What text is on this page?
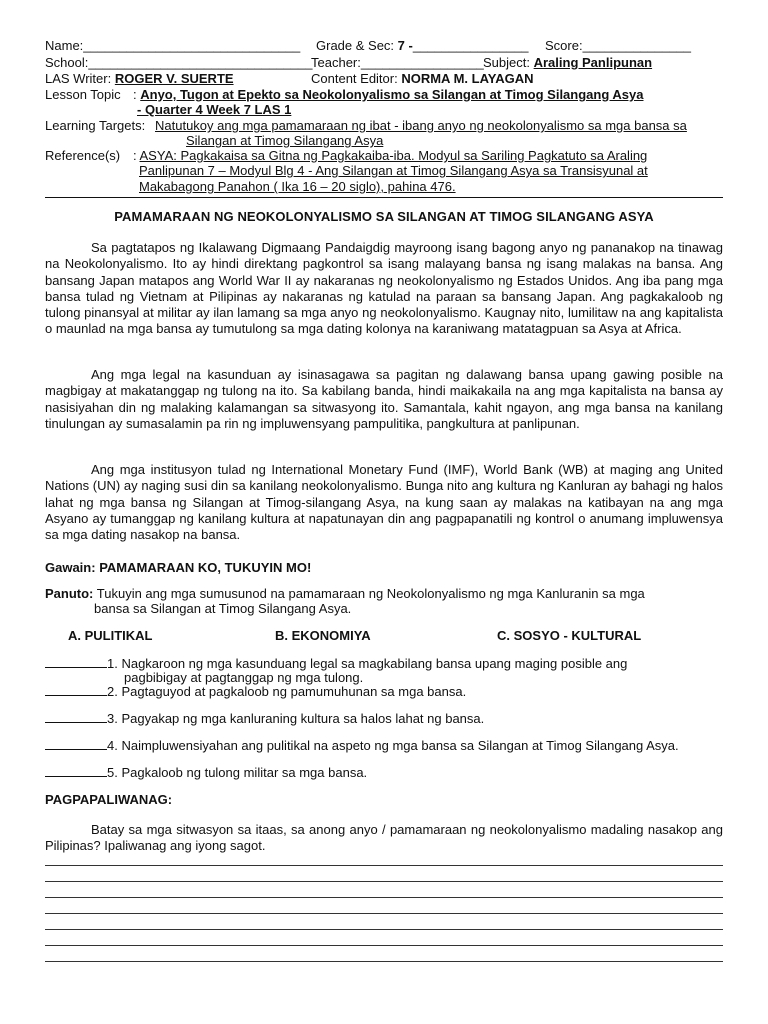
Name:______________________________ Grade & Sec: 7 -________________ Score:_______________
School:_______________________________
Teacher:_________________ Subject: Araling Panlipunan
LAS Writer: ROGER V. SUERTE	Content Editor: NORMA M. LAYAGAN
Lesson Topic : Anyo, Tugon at Epekto sa Neokolonyalismo sa Silangan at Timog Silangang Asya
- Quarter 4 Week 7 LAS 1
Learning Targets: Natutukoy ang mga pamamaraan ng ibat - ibang anyo ng neokolonyalismo sa mga bansa sa
Silangan at Timog Silangang Asya
Reference(s) : ASYA: Pagkakaisa sa Gitna ng Pagkakaiba-iba. Modyul sa Sariling Pagkatuto sa Araling
Panlipunan 7 – Modyul Blg 4 - Ang Silangan at Timog Silangang Asya sa Transisyunal at
Makabagong Panahon ( Ika 16 – 20 siglo), pahina 476.
PAMAMARAAN NG NEOKOLONYALISMO SA SILANGAN AT TIMOG SILANGANG ASYA

Sa pagtatapos ng Ikalawang Digmaang Pandaigdig mayroong isang bagong anyo ng pananakop na tinawag na Neokolonyalismo. Ito ay hindi direktang pagkontrol sa isang malayang bansa ng isang malakas na bansa. Ang bansang Japan matapos ang World War II ay nakaranas ng neokolonyalismo ng Estados Unidos. Ang iba pang mga bansa tulad ng Vietnam at Pilipinas ay nakaranas ng katulad na paraan sa bansang Japan. Ang pagkakaloob ng tulong pinansyal at militar ay ilan lamang sa mga anyo ng neokolonyalismo. Kaugnay nito, lumilitaw na ang kapitalista o maunlad na mga bansa ay tumutulong sa mga dating kolonya na karaniwang matatagpuan sa Asya at Africa.

Ang mga legal na kasunduan ay isinasagawa sa pagitan ng dalawang bansa upang gawing posible na magbigay at makatanggap ng tulong na ito. Sa kabilang banda, hindi maikakaila na ang mga kapitalista na bansa ay nasisiyahan din ng malaking kalamangan sa sitwasyong ito. Samantala, kahit ngayon, ang mga bansa na kanilang tinulungan ay sumasalamin pa rin ng impluwensyang pampulitika, pangkultura at panlipunan.

Ang mga institusyon tulad ng International Monetary Fund (IMF), World Bank (WB) at maging ang United Nations (UN) ay naging susi din sa kanilang neokolonyalismo. Bunga nito ang kultura ng Kanluran ay bahagi ng halos lahat ng mga bansa ng Silangan at Timog-silangang Asya, na kung saan ay malakas na katibayan na ang mga Asyano ay tumanggap ng kanilang kultura at napatunayan din ang pagpapanatili ng kontrol o anumang impluwensya sa mga dating nasakop na bansa.

Gawain: PAMAMARAAN KO, TUKUYIN MO!
Panuto: Tukuyin ang mga sumusunod na pamamaraan ng Neokolonyalismo ng mga Kanluranin sa mga
bansa sa Silangan at Timog Silangang Asya.
A. PULITIKAL	B. EKONOMIYA	C. SOSYO - KULTURAL
1. Nagkaroon ng mga kasunduang legal sa magkabilang bansa upang maging posible ang
pagbibigay at pagtanggap ng mga tulong.
2. Pagtaguyod at pagkaloob ng pamumuhunan sa mga bansa.
3. Pagyakap ng mga kanluraning kultura sa halos lahat ng bansa.
4. Naimpluwensiyahan ang pulitikal na aspeto ng mga bansa sa Silangan at Timog Silangang Asya.
5. Pagkaloob ng tulong militar sa mga bansa.
PAGPAPALIWANAG:

Batay sa mga sitwasyon sa itaas, sa anong anyo / pamamaraan ng neokolonyalismo madaling nasakop ang Pilipinas? Ipaliwanag ang iyong sagot.
